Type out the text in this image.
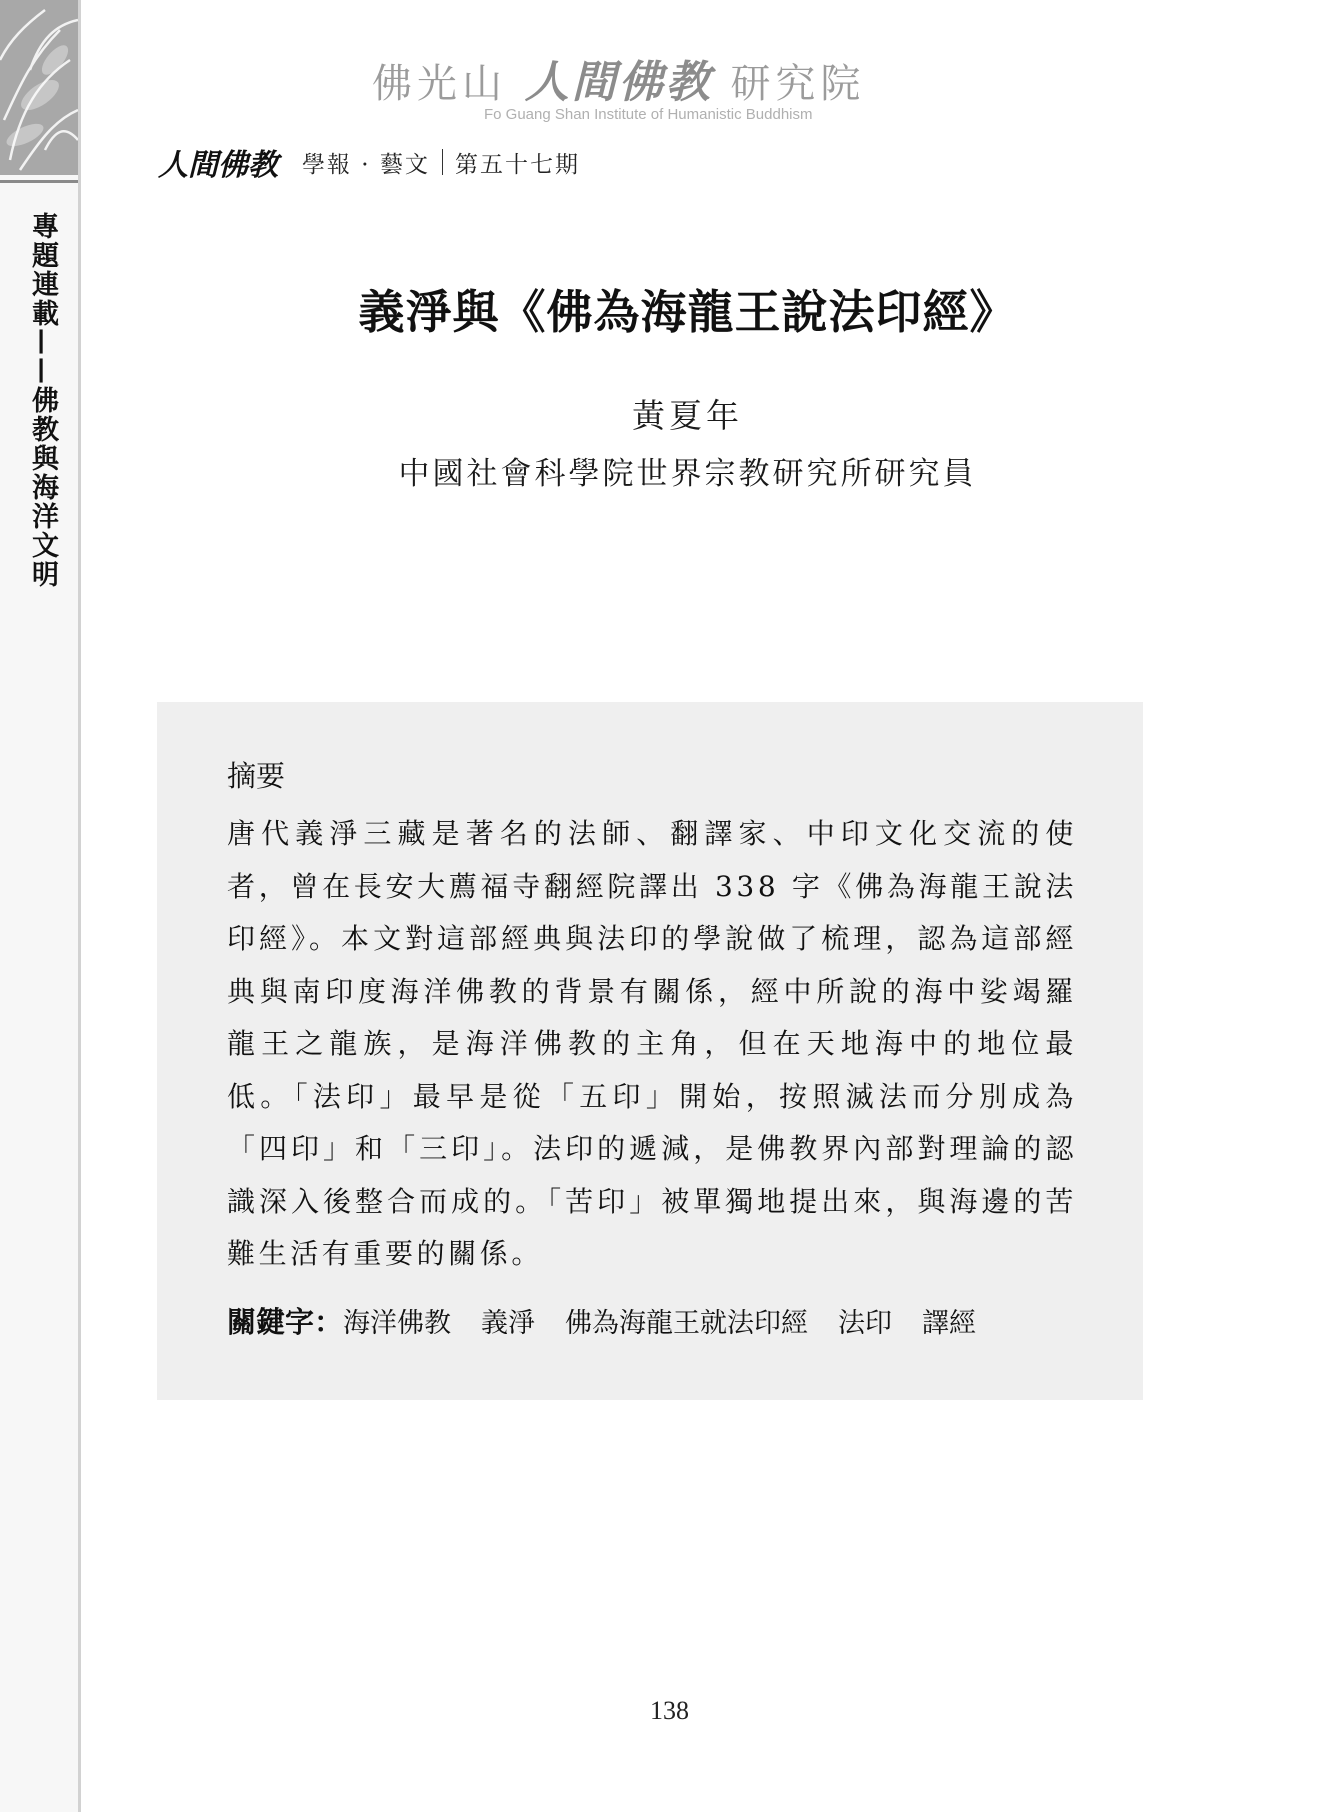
專題連載——佛教與海洋文明
佛光山 人間佛教 研究院
Fo Guang Shan Institute of Humanistic Buddhism
人間佛教 學報 · 藝文 第五十七期
義淨與《佛為海龍王說法印經》
黃夏年
中國社會科學院世界宗教研究所研究員
摘要
唐代義淨三藏是著名的法師、翻譯家、中印文化交流的使者，曾在長安大薦福寺翻經院譯出 338 字《佛為海龍王說法印經》。本文對這部經典與法印的學說做了梳理，認為這部經典與南印度海洋佛教的背景有關係，經中所說的海中娑竭羅龍王之龍族，是海洋佛教的主角，但在天地海中的地位最低。「法印」最早是從「五印」開始，按照滅法而分別成為「四印」和「三印」。法印的遞減，是佛教界內部對理論的認識深入後整合而成的。「苦印」被單獨地提出來，與海邊的苦難生活有重要的關係。
關鍵字：海洋佛教 義淨 佛為海龍王就法印經 法印 譯經
138
